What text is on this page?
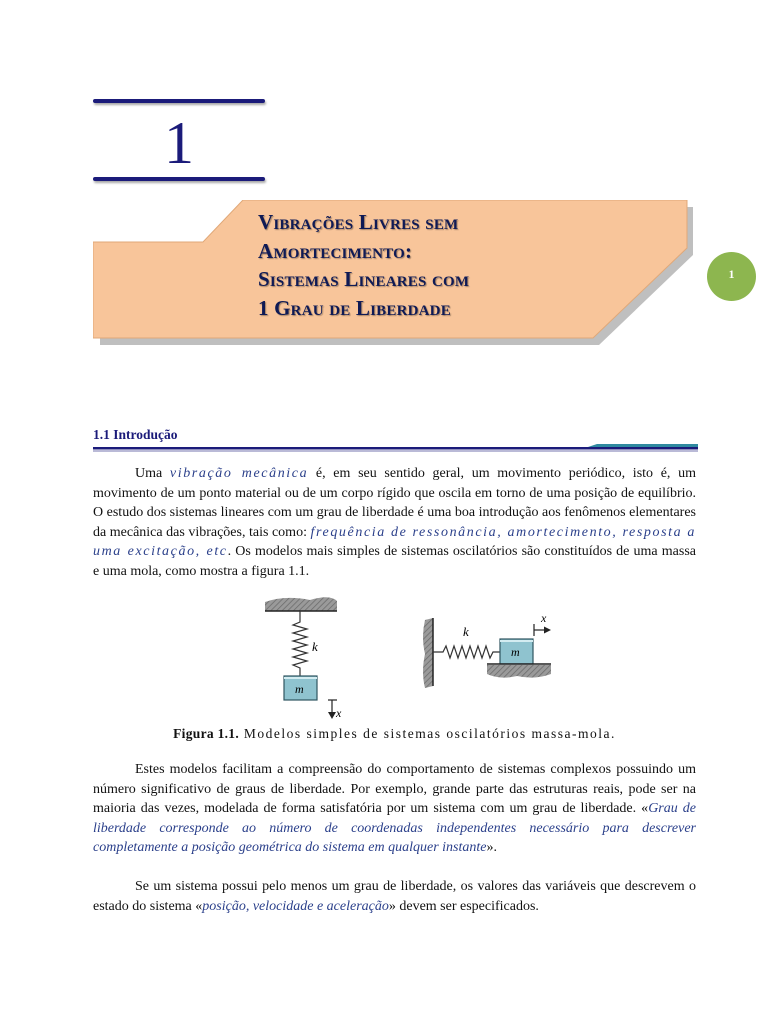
1
Vibrações Livres sem
Amortecimento:
Sistemas Lineares com
1 Grau de Liberdade
1
1.1 Introdução
Uma vibração mecânica é, em seu sentido geral, um movimento periódico, isto é, um movimento de um ponto material ou de um corpo rígido que oscila em torno de uma posição de equilíbrio. O estudo dos sistemas lineares com um grau de liberdade é uma boa introdução aos fenômenos elementares da mecânica das vibrações, tais como: frequência de ressonância, amortecimento, resposta a uma excitação, etc. Os modelos mais simples de sistemas oscilatórios são constituídos de uma massa e uma mola, como mostra a figura 1.1.
k
m
x
k
m
x
Figura 1.1. Modelos simples de sistemas oscilatórios massa-mola.
Estes modelos facilitam a compreensão do comportamento de sistemas complexos possuindo um número significativo de graus de liberdade. Por exemplo, grande parte das estruturas reais, pode ser na maioria das vezes, modelada de forma satisfatória por um sistema com um grau de liberdade. «Grau de liberdade corresponde ao número de coordenadas independentes necessário para descrever completamente a posição geométrica do sistema em qualquer instante».
Se um sistema possui pelo menos um grau de liberdade, os valores das variáveis que descrevem o estado do sistema «posição, velocidade e aceleração» devem ser especificados.
